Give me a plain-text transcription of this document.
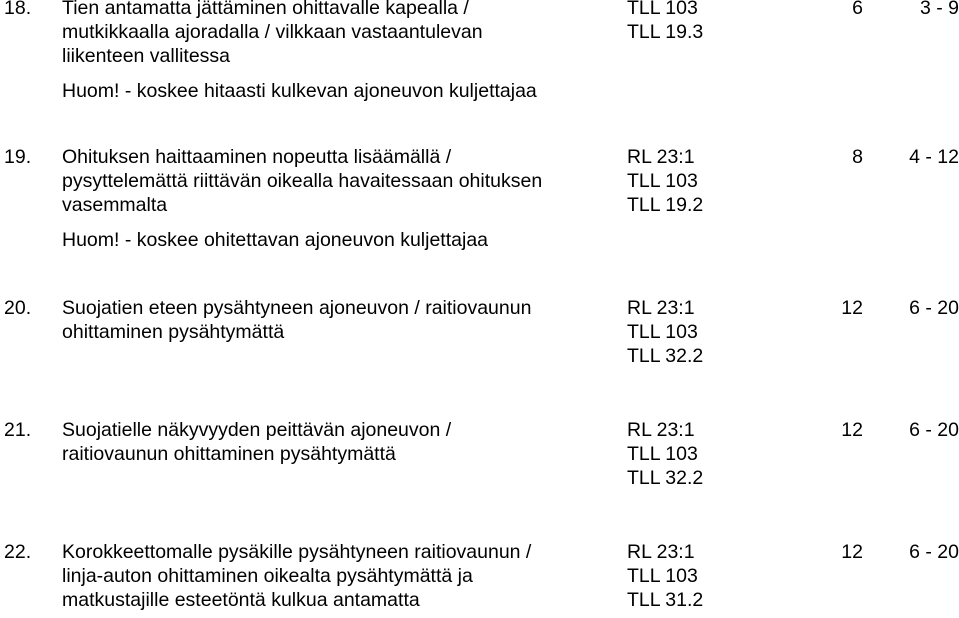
18. Tien antamatta jättäminen ohittavalle kapealla /
mutkikkaalla ajoradalla / vilkkaan vastaantulevan
liikenteen vallitessa
Huom! - koskee hitaasti kulkevan ajoneuvon kuljettajaa
TLL 103
TLL 19.3
6	3 - 9
19. Ohituksen haittaaminen nopeutta lisäämällä /
pysyttelemättä riittävän oikealla havaitessaan ohituksen
vasemmalta
Huom! - koskee ohitettavan ajoneuvon kuljettajaa
RL 23:1
TLL 103
TLL 19.2
8	4 - 12
20. Suojatien eteen pysähtyneen ajoneuvon / raitiovaunun
ohittaminen pysähtymättä
RL 23:1
TLL 103
TLL 32.2
12	6 - 20
21. Suojatielle näkyvyyden peittävän ajoneuvon /
raitiovaunun ohittaminen pysähtymättä
RL 23:1
TLL 103
TLL 32.2
12	6 - 20
22. Korokkeettomalle pysäkille pysähtyneen raitiovaunun /
linja-auton ohittaminen oikealta pysähtymättä ja
matkustajille esteetöntä kulkua antamatta
RL 23:1
TLL 103
TLL 31.2
12	6 - 20
